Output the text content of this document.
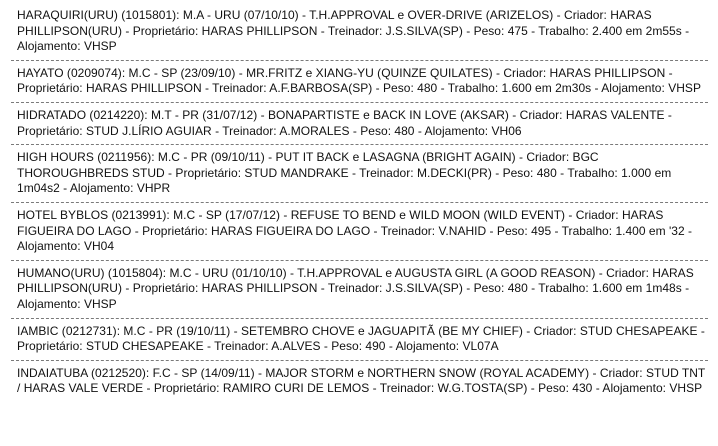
HARAQUIRI(URU) (1015801): M.A - URU (07/10/10) - T.H.APPROVAL e OVER-DRIVE (ARIZELOS) - Criador: HARAS PHILLIPSON(URU) - Proprietário: HARAS PHILLIPSON - Treinador: J.S.SILVA(SP) - Peso: 475 - Trabalho: 2.400 em 2m55s - Alojamento: VHSP
HAYATO (0209074): M.C - SP (23/09/10) - MR.FRITZ e XIANG-YU (QUINZE QUILATES) - Criador: HARAS PHILLIPSON - Proprietário: HARAS PHILLIPSON - Treinador: A.F.BARBOSA(SP) - Peso: 480 - Trabalho: 1.600 em 2m30s - Alojamento: VHSP
HIDRATADO (0214220): M.T - PR (31/07/12) - BONAPARTISTE e BACK IN LOVE (AKSAR) - Criador: HARAS VALENTE - Proprietário: STUD J.LÍRIO AGUIAR - Treinador: A.MORALES - Peso: 480 - Alojamento: VH06
HIGH HOURS (0211956): M.C - PR (09/10/11) - PUT IT BACK e LASAGNA (BRIGHT AGAIN) - Criador: BGC THOROUGHBREDS STUD - Proprietário: STUD MANDRAKE - Treinador: M.DECKI(PR) - Peso: 480 - Trabalho: 1.000 em 1m04s2 - Alojamento: VHPR
HOTEL BYBLOS (0213991): M.C - SP (17/07/12) - REFUSE TO BEND e WILD MOON (WILD EVENT) - Criador: HARAS FIGUEIRA DO LAGO - Proprietário: HARAS FIGUEIRA DO LAGO - Treinador: V.NAHID - Peso: 495 - Trabalho: 1.400 em '32 - Alojamento: VH04
HUMANO(URU) (1015804): M.C - URU (01/10/10) - T.H.APPROVAL e AUGUSTA GIRL (A GOOD REASON) - Criador: HARAS PHILLIPSON(URU) - Proprietário: HARAS PHILLIPSON - Treinador: J.S.SILVA(SP) - Peso: 480 - Trabalho: 1.600 em 1m48s - Alojamento: VHSP
IAMBIC (0212731): M.C - PR (19/10/11) - SETEMBRO CHOVE e JAGUAPITÃ (BE MY CHIEF) - Criador: STUD CHESAPEAKE - Proprietário: STUD CHESAPEAKE - Treinador: A.ALVES - Peso: 490 - Alojamento: VL07A
INDAIATUBA (0212520): F.C - SP (14/09/11) - MAJOR STORM e NORTHERN SNOW (ROYAL ACADEMY) - Criador: STUD TNT / HARAS VALE VERDE - Proprietário: RAMIRO CURI DE LEMOS - Treinador: W.G.TOSTA(SP) - Peso: 430 - Alojamento: VHSP
